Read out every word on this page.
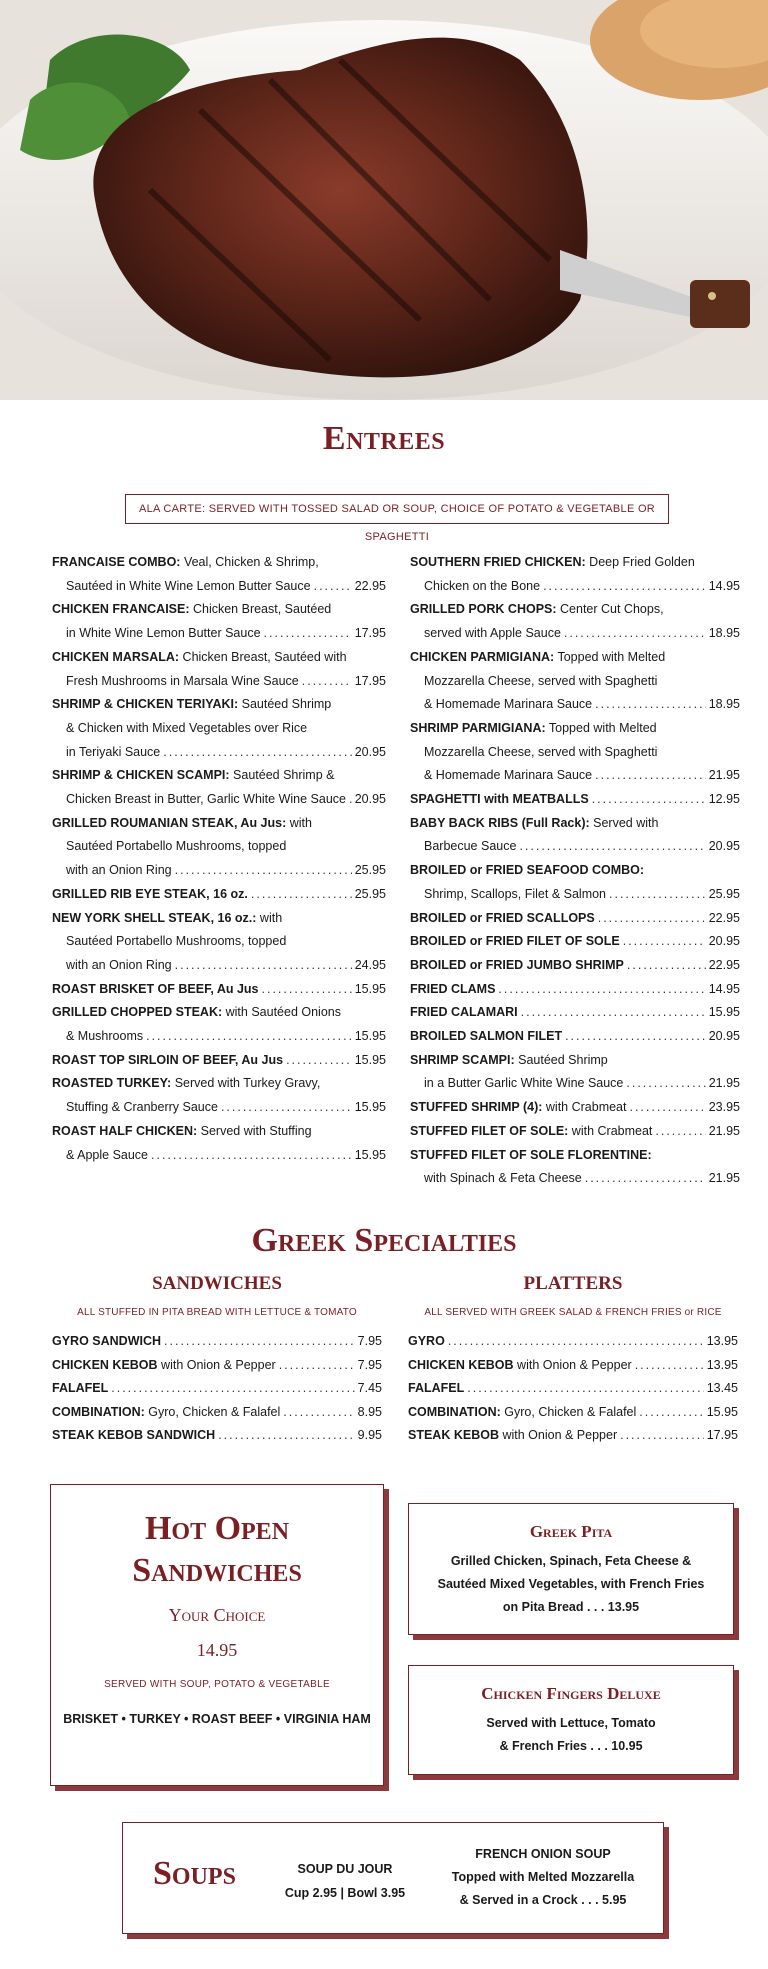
Entrees
ALA CARTE: SERVED WITH TOSSED SALAD OR SOUP, CHOICE OF POTATO & VEGETABLE OR SPAGHETTI
FRANCAISE COMBO: Veal, Chicken & Shrimp,
Sautéed in White Wine Lemon Butter Sauce .....	22.95
CHICKEN FRANCAISE: Chicken Breast, Sautéed
in White Wine Lemon Butter Sauce .....	17.95
CHICKEN MARSALA: Chicken Breast, Sautéed with
Fresh Mushrooms in Marsala Wine Sauce .....	17.95
SHRIMP & CHICKEN TERIYAKI: Sautéed Shrimp
& Chicken with Mixed Vegetables over Rice
in Teriyaki Sauce .....	20.95
SHRIMP & CHICKEN SCAMPI: Sautéed Shrimp &
Chicken Breast in Butter, Garlic White Wine Sauce ..... 20.95
GRILLED ROUMANIAN STEAK, Au Jus: with
Sautéed Portabello Mushrooms, topped
with an Onion Ring .....	25.95
GRILLED RIB EYE STEAK, 16 oz. .....	25.95
NEW YORK SHELL STEAK, 16 oz.: with
Sautéed Portabello Mushrooms, topped
with an Onion Ring .....	24.95
ROAST BRISKET OF BEEF, Au Jus .....	15.95
GRILLED CHOPPED STEAK: with Sautéed Onions
& Mushrooms .....	15.95
ROAST TOP SIRLOIN OF BEEF, Au Jus .....	15.95
ROASTED TURKEY: Served with Turkey Gravy,
Stuffing & Cranberry Sauce .....	15.95
ROAST HALF CHICKEN: Served with Stuffing
& Apple Sauce .....	15.95
SOUTHERN FRIED CHICKEN: Deep Fried Golden
Chicken on the Bone .....	14.95
GRILLED PORK CHOPS: Center Cut Chops,
served with Apple Sauce .....	18.95
CHICKEN PARMIGIANA: Topped with Melted
Mozzarella Cheese, served with Spaghetti
& Homemade Marinara Sauce .....	18.95
SHRIMP PARMIGIANA: Topped with Melted
Mozzarella Cheese, served with Spaghetti
& Homemade Marinara Sauce .....	21.95
SPAGHETTI with MEATBALLS .....	12.95
BABY BACK RIBS (Full Rack): Served with
Barbecue Sauce .....	20.95
BROILED or FRIED SEAFOOD COMBO:
Shrimp, Scallops, Filet & Salmon .....	25.95
BROILED or FRIED SCALLOPS .....	22.95
BROILED or FRIED FILET OF SOLE .....	20.95
BROILED or FRIED JUMBO SHRIMP .....	22.95
FRIED CLAMS .....	14.95
FRIED CALAMARI .....	15.95
BROILED SALMON FILET .....	20.95
SHRIMP SCAMPI: Sautéed Shrimp
in a Butter Garlic White Wine Sauce .....	21.95
STUFFED SHRIMP (4): with Crabmeat .....	23.95
STUFFED FILET OF SOLE: with Crabmeat .....	21.95
STUFFED FILET OF SOLE FLORENTINE:
with Spinach & Feta Cheese .....	21.95
Greek Specialties
SANDWICHES
ALL STUFFED IN PITA BREAD WITH LETTUCE & TOMATO
GYRO SANDWICH .....	7.95
CHICKEN KEBOB with Onion & Pepper .....	7.95
FALAFEL .....	7.45
COMBINATION: Gyro, Chicken & Falafel .....	8.95
STEAK KEBOB SANDWICH .....	9.95
PLATTERS
ALL SERVED WITH GREEK SALAD & FRENCH FRIES or RICE
GYRO .....	13.95
CHICKEN KEBOB with Onion & Pepper .....	13.95
FALAFEL .....	13.45
COMBINATION: Gyro, Chicken & Falafel .....	15.95
STEAK KEBOB with Onion & Pepper .....	17.95
Hot Open
Sandwiches
Your Choice
14.95
SERVED WITH SOUP, POTATO & VEGETABLE
BRISKET • TURKEY • ROAST BEEF • VIRGINIA HAM
Greek Pita
Grilled Chicken, Spinach, Feta Cheese &
Sautéed Mixed Vegetables, with French Fries
on Pita Bread . . . 13.95
Chicken Fingers Deluxe
Served with Lettuce, Tomato
& French Fries . . . 10.95
Soups	SOUP DU JOUR
Cup 2.95 | Bowl 3.95
FRENCH ONION SOUP
Topped with Melted Mozzarella
& Served in a Crock . . . 5.95
